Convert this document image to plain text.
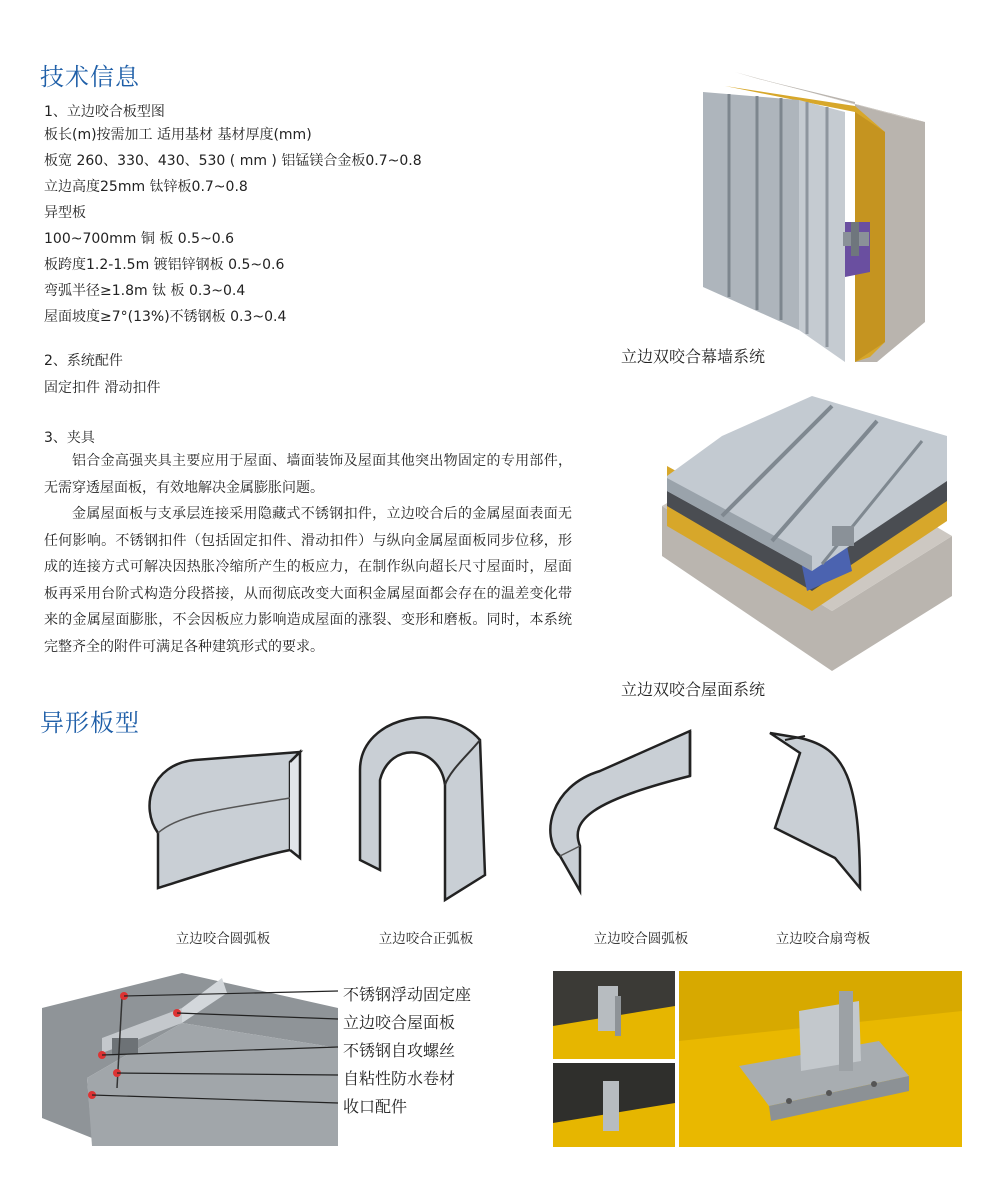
技术信息
1、立边咬合板型图
板长(m)按需加工 适用基材 基材厚度(mm)
板宽 260、330、430、530 ( mm ) 铝锰镁合金板0.7~0.8
立边高度25mm 钛锌板0.7~0.8
异型板
100~700mm 铜 板 0.5~0.6
板跨度1.2-1.5m 镀铝锌钢板 0.5~0.6
弯弧半径≥1.8m 钛 板 0.3~0.4
屋面坡度≥7°(13%)不锈钢板 0.3~0.4
2、系统配件
固定扣件 滑动扣件
3、夹具

铝合金高强夹具主要应用于屋面、墙面装饰及屋面其他突出物固定的专用部件，无需穿透屋面板，有效地解决金属膨胀问题。

金属屋面板与支承层连接采用隐藏式不锈钢扣件，立边咬合后的金属屋面表面无任何影响。不锈钢扣件（包括固定扣件、滑动扣件）与纵向金属屋面板同步位移，形成的连接方式可解决因热胀冷缩所产生的板应力，在制作纵向超长尺寸屋面时，屋面板再采用台阶式构造分段搭接，从而彻底改变大面积金属屋面都会存在的温差变化带来的金属屋面膨胀，不会因板应力影响造成屋面的涨裂、变形和磨板。同时，本系统完整齐全的附件可满足各种建筑形式的要求。

立边双咬合幕墙系统
立边双咬合屋面系统
异形板型
立边咬合圆弧板	立边咬合正弧板	立边咬合圆弧板	立边咬合扇弯板
不锈钢浮动固定座
立边咬合屋面板
不锈钢自攻螺丝
自粘性防水卷材
收口配件
